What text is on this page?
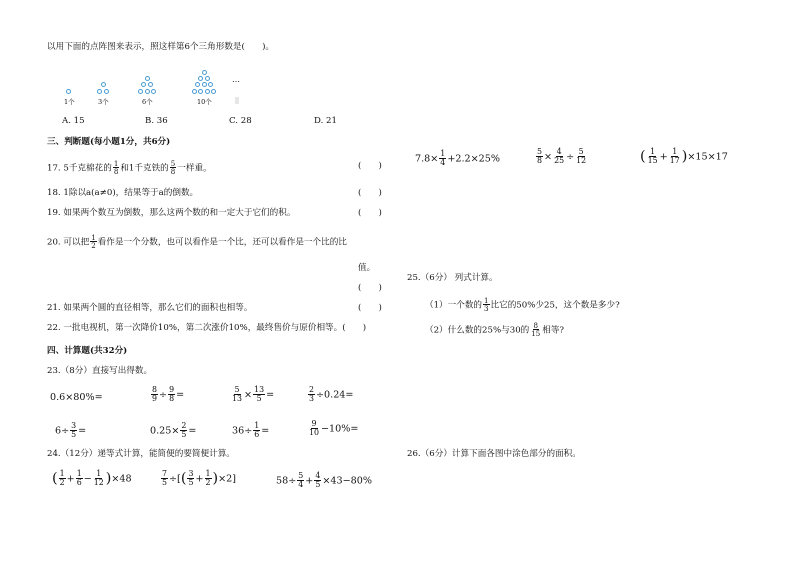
以用下面的点阵图来表示，照这样第6个三角形数是(　　)。
1个	3个	6个	10个
…
A. 15	B. 36	C. 28	D. 21
三、判断题(每小题1分，共6分)
17. 5千克棉花的 $\frac{1}{8}$ 和1千克铁的 $\frac{5}{8}$ 一样重。	(　　)
18. 1除以a(a≠0)，结果等于a的倒数。	(　　)
19. 如果两个数互为倒数，那么这两个数的和一定大于它们的积。	(　　)
20. 可以把 $\frac{1}{2}$ 看作是一个分数，也可以看作是一个比，还可以看作是一个比的比
值。
(　　)
21. 如果两个圆的直径相等，那么它们的面积也相等。	(　　)
22. 一批电视机，第一次降价10%，第二次涨价10%，最终售价与原价相等。(　　)
四、计算题(共32分)
23.（8分）直接写出得数。
0.6×80%=	$\frac{8}{9} \div \frac{9}{8}$ =	$\frac{5}{13} \times \frac{13}{5}$ =	$\frac{2}{3} \div 0.24=$
$6\div \frac{3}{5}$ =	$0.25\times \frac{2}{5}$ =	$36\div \frac{1}{6}$ =	$\frac{9}{10} -10\%=$
24.（12分）递等式计算，能简便的要简便计算。
( $\frac{1}{2} + \frac{1}{6} - \frac{1}{12} )\times 48$	$\frac{7}{5}$ ÷[( $\frac{3}{5} + \frac{1}{2} )\times 2$]	$58\div \frac{5}{4} + \frac{4}{5} \times 43-80\%$
$7.8\times \frac{1}{4} +2.2\times 25\%$	$\frac{5}{8} \times \frac{4}{25} \div \frac{5}{12}$	( $\frac{1}{15} + \frac{1}{17} )\times 15\times 17$
25.（6分） 列式计算。
（1）一个数的 $\frac{1}{3}$ 比它的50%少25，这个数是多少?
（2）什么数的25%与30的 $\frac{8}{15}$ 相等?
26.（6分）计算下面各图中涂色部分的面积。
